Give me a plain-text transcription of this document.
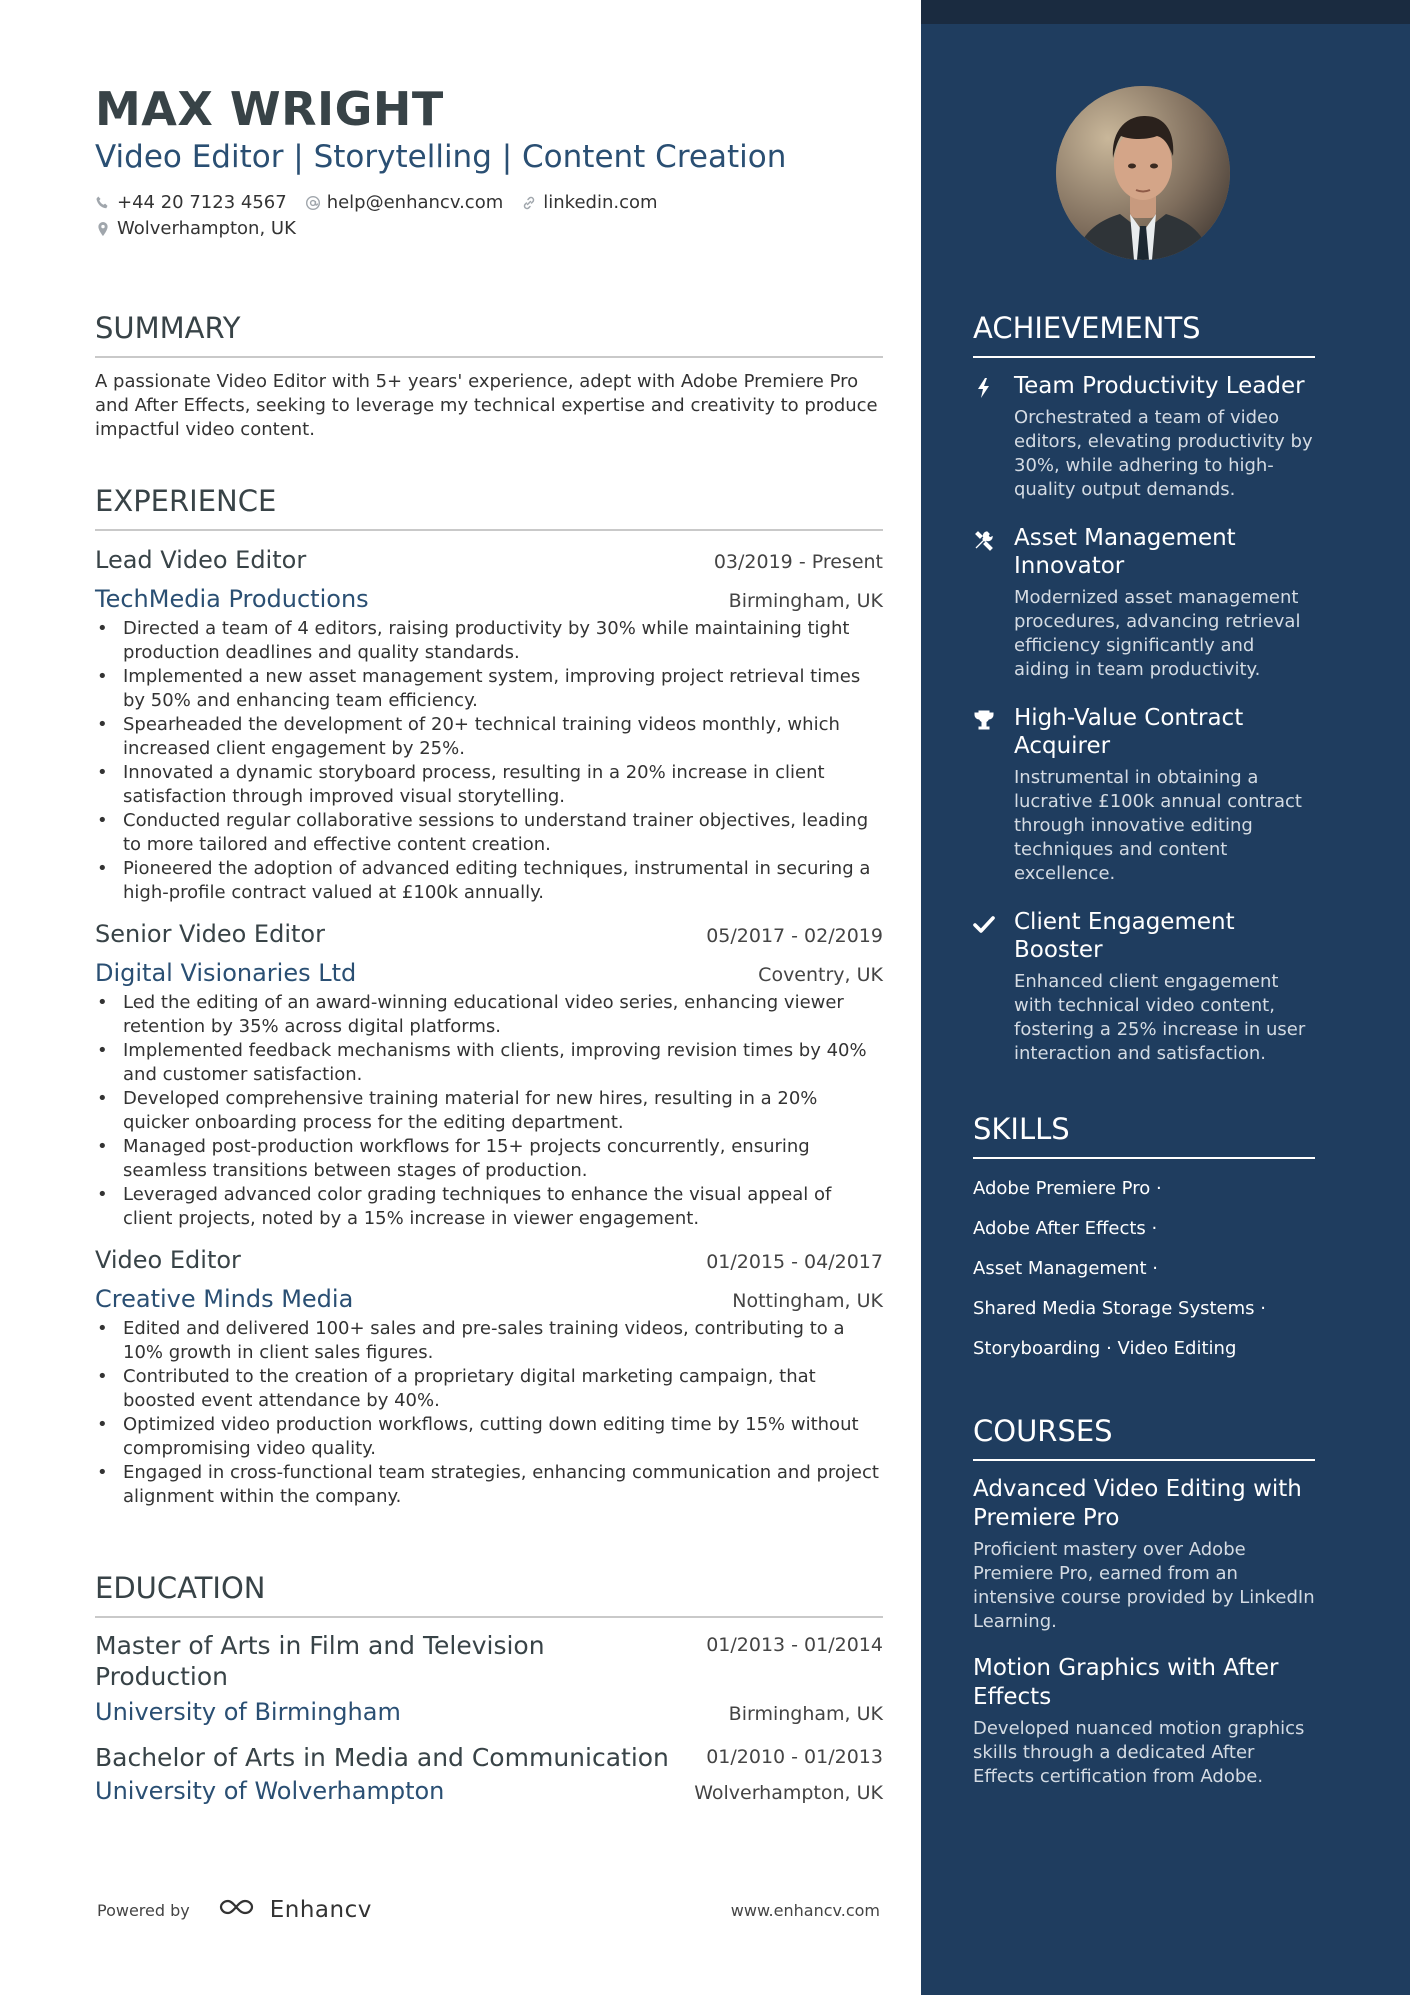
MAX WRIGHT
Video Editor | Storytelling | Content Creation
+44 20 7123 4567 help@enhancv.com linkedin.com
Wolverhampton, UK
SUMMARY

A passionate Video Editor with 5+ years' experience, adept with Adobe Premiere Pro and After Effects, seeking to leverage my technical expertise and creativity to produce impactful video content.

EXPERIENCE
Lead Video Editor	03/2019 - Present
TechMedia Productions	Birmingham, UK
• Directed a team of 4 editors, raising productivity by 30% while maintaining tight production deadlines and quality standards.
• Implemented a new asset management system, improving project retrieval times by 50% and enhancing team efficiency.
• Spearheaded the development of 20+ technical training videos monthly, which increased client engagement by 25%.
• Innovated a dynamic storyboard process, resulting in a 20% increase in client satisfaction through improved visual storytelling.
• Conducted regular collaborative sessions to understand trainer objectives, leading to more tailored and effective content creation.
• Pioneered the adoption of advanced editing techniques, instrumental in securing a high-profile contract valued at £100k annually.
Senior Video Editor	05/2017 - 02/2019
Digital Visionaries Ltd	Coventry, UK
• Led the editing of an award-winning educational video series, enhancing viewer retention by 35% across digital platforms.
• Implemented feedback mechanisms with clients, improving revision times by 40% and customer satisfaction.
• Developed comprehensive training material for new hires, resulting in a 20% quicker onboarding process for the editing department.
• Managed post-production workflows for 15+ projects concurrently, ensuring seamless transitions between stages of production.
• Leveraged advanced color grading techniques to enhance the visual appeal of client projects, noted by a 15% increase in viewer engagement.
Video Editor	01/2015 - 04/2017
Creative Minds Media	Nottingham, UK
• Edited and delivered 100+ sales and pre-sales training videos, contributing to a 10% growth in client sales figures.
• Contributed to the creation of a proprietary digital marketing campaign, that boosted event attendance by 40%.
• Optimized video production workflows, cutting down editing time by 15% without compromising video quality.
• Engaged in cross-functional team strategies, enhancing communication and project alignment within the company.
EDUCATION
Master of Arts in Film and Television Production
01/2013 - 01/2014
University of Birmingham	Birmingham, UK
Bachelor of Arts in Media and Communication 01/2010 - 01/2013
University of Wolverhampton	Wolverhampton, UK
Powered by	Enhancv	www.enhancv.com
ACHIEVEMENTS
Team Productivity Leader
Orchestrated a team of video editors, elevating productivity by 30%, while adhering to high-quality output demands.
Asset Management Innovator
Modernized asset management procedures, advancing retrieval efficiency significantly and aiding in team productivity.
High-Value Contract Acquirer
Instrumental in obtaining a lucrative £100k annual contract through innovative editing techniques and content excellence.
Client Engagement Booster
Enhanced client engagement with technical video content, fostering a 25% increase in user interaction and satisfaction.
SKILLS
Adobe Premiere Pro ·
Adobe After Effects ·
Asset Management ·
Shared Media Storage Systems ·
Storyboarding · Video Editing
COURSES
Advanced Video Editing with Premiere Pro
Proficient mastery over Adobe Premiere Pro, earned from an intensive course provided by LinkedIn Learning.
Motion Graphics with After Effects
Developed nuanced motion graphics skills through a dedicated After Effects certification from Adobe.
